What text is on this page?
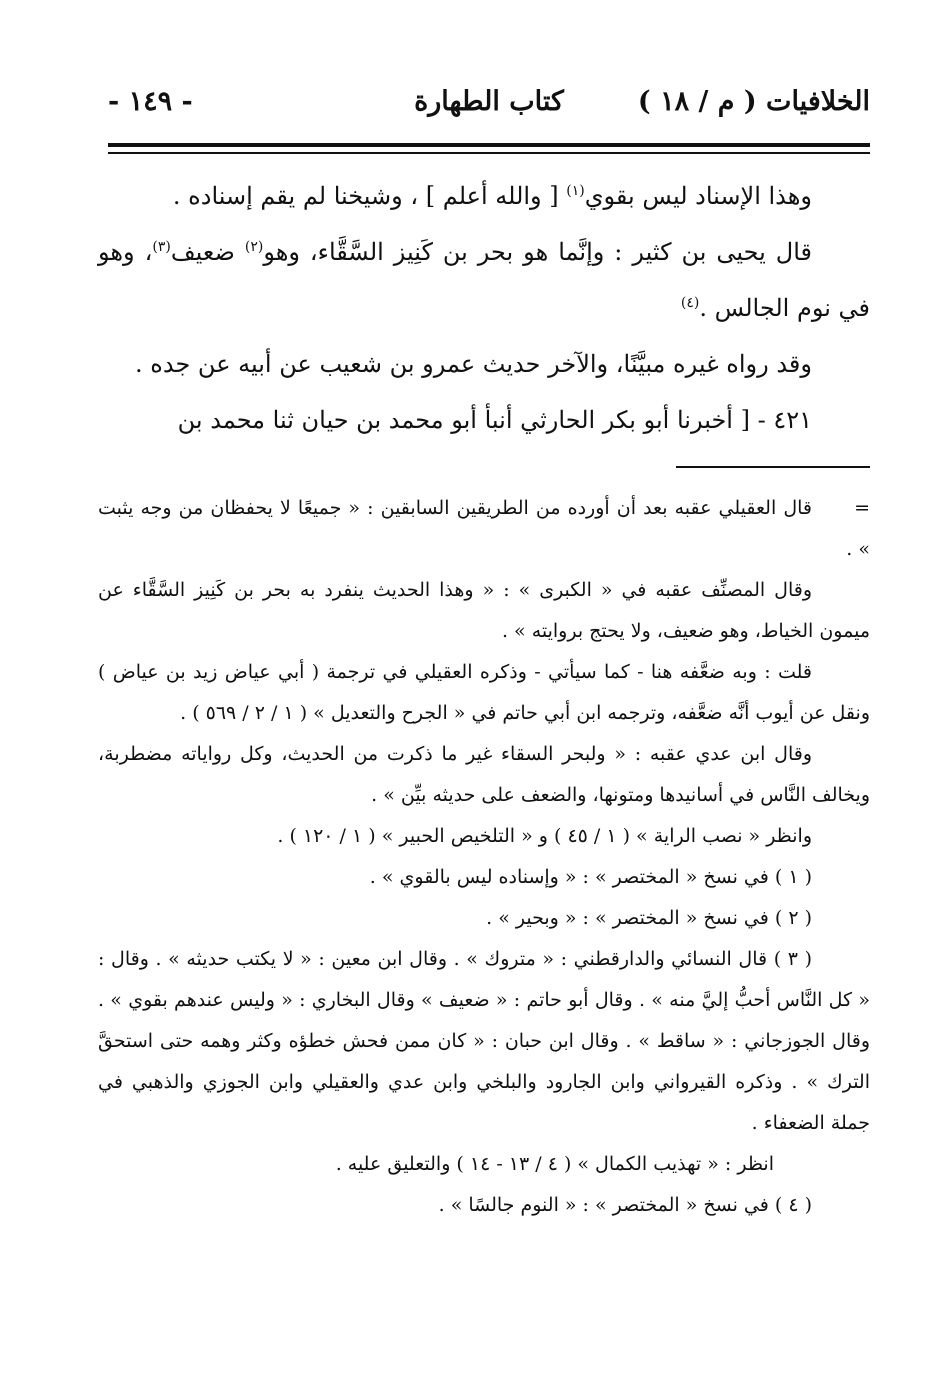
الخلافيات ( م / ١٨ )
كتاب الطهارة
- ١٤٩ -

وهذا الإسناد ليس بقوي$^{(١)}$ [ والله أعلم ] ، وشيخنا لم يقم إسناده .

قال يحيى بن كثير : وإنَّما هو بحر بن كَنِيز السَّقَّاء، وهو$^{(٢)}$ ضعيف$^{(٣)}$، وهو في نوم الجالس .$^{(٤)}$

وقد رواه غيره مبيَّنًا، والآخر حديث عمرو بن شعيب عن أبيه عن جده .

٤٢١ - [ أخبرنا أبو بكر الحارثي أنبأ أبو محمد بن حيان ثنا محمد بن

=قال العقيلي عقبه بعد أن أورده من الطريقين السابقين : « جميعًا لا يحفظان من وجه يثبت » .

وقال المصنِّف عقبه في « الكبرى » : « وهذا الحديث ينفرد به بحر بن كَنِيز السَّقَّاء عن ميمون الخياط، وهو ضعيف، ولا يحتج بروايته » .

قلت : وبه ضعَّفه هنا - كما سيأتي - وذكره العقيلي في ترجمة ( أبي عياض زيد بن عياض ) ونقل عن أيوب أنَّه ضعَّفه، وترجمه ابن أبي حاتم في « الجرح والتعديل » ( ١ / ٢ / ٥٦٩ ) .

وقال ابن عدي عقبه : « ولبحر السقاء غير ما ذكرت من الحديث، وكل رواياته مضطربة، ويخالف النَّاس في أسانيدها ومتونها، والضعف على حديثه بيِّن » .

وانظر « نصب الراية » ( ١ / ٤٥ ) و « التلخيص الحبير » ( ١ / ١٢٠ ) .

( ١ ) في نسخ « المختصر » : « وإسناده ليس بالقوي » .

( ٢ ) في نسخ « المختصر » : « وبحير » .

( ٣ ) قال النسائي والدارقطني : « متروك » . وقال ابن معين : « لا يكتب حديثه » . وقال : « كل النَّاس أحبُّ إليَّ منه » . وقال أبو حاتم : « ضعيف » وقال البخاري : « وليس عندهم بقوي » . وقال الجوزجاني : « ساقط » . وقال ابن حبان : « كان ممن فحش خطؤه وكثر وهمه حتى استحقَّ الترك » . وذكره القيرواني وابن الجارود والبلخي وابن عدي والعقيلي وابن الجوزي والذهبي في جملة الضعفاء .

انظر : « تهذيب الكمال » ( ٤ / ١٣ - ١٤ ) والتعليق عليه .

( ٤ ) في نسخ « المختصر » : « النوم جالسًا » .
